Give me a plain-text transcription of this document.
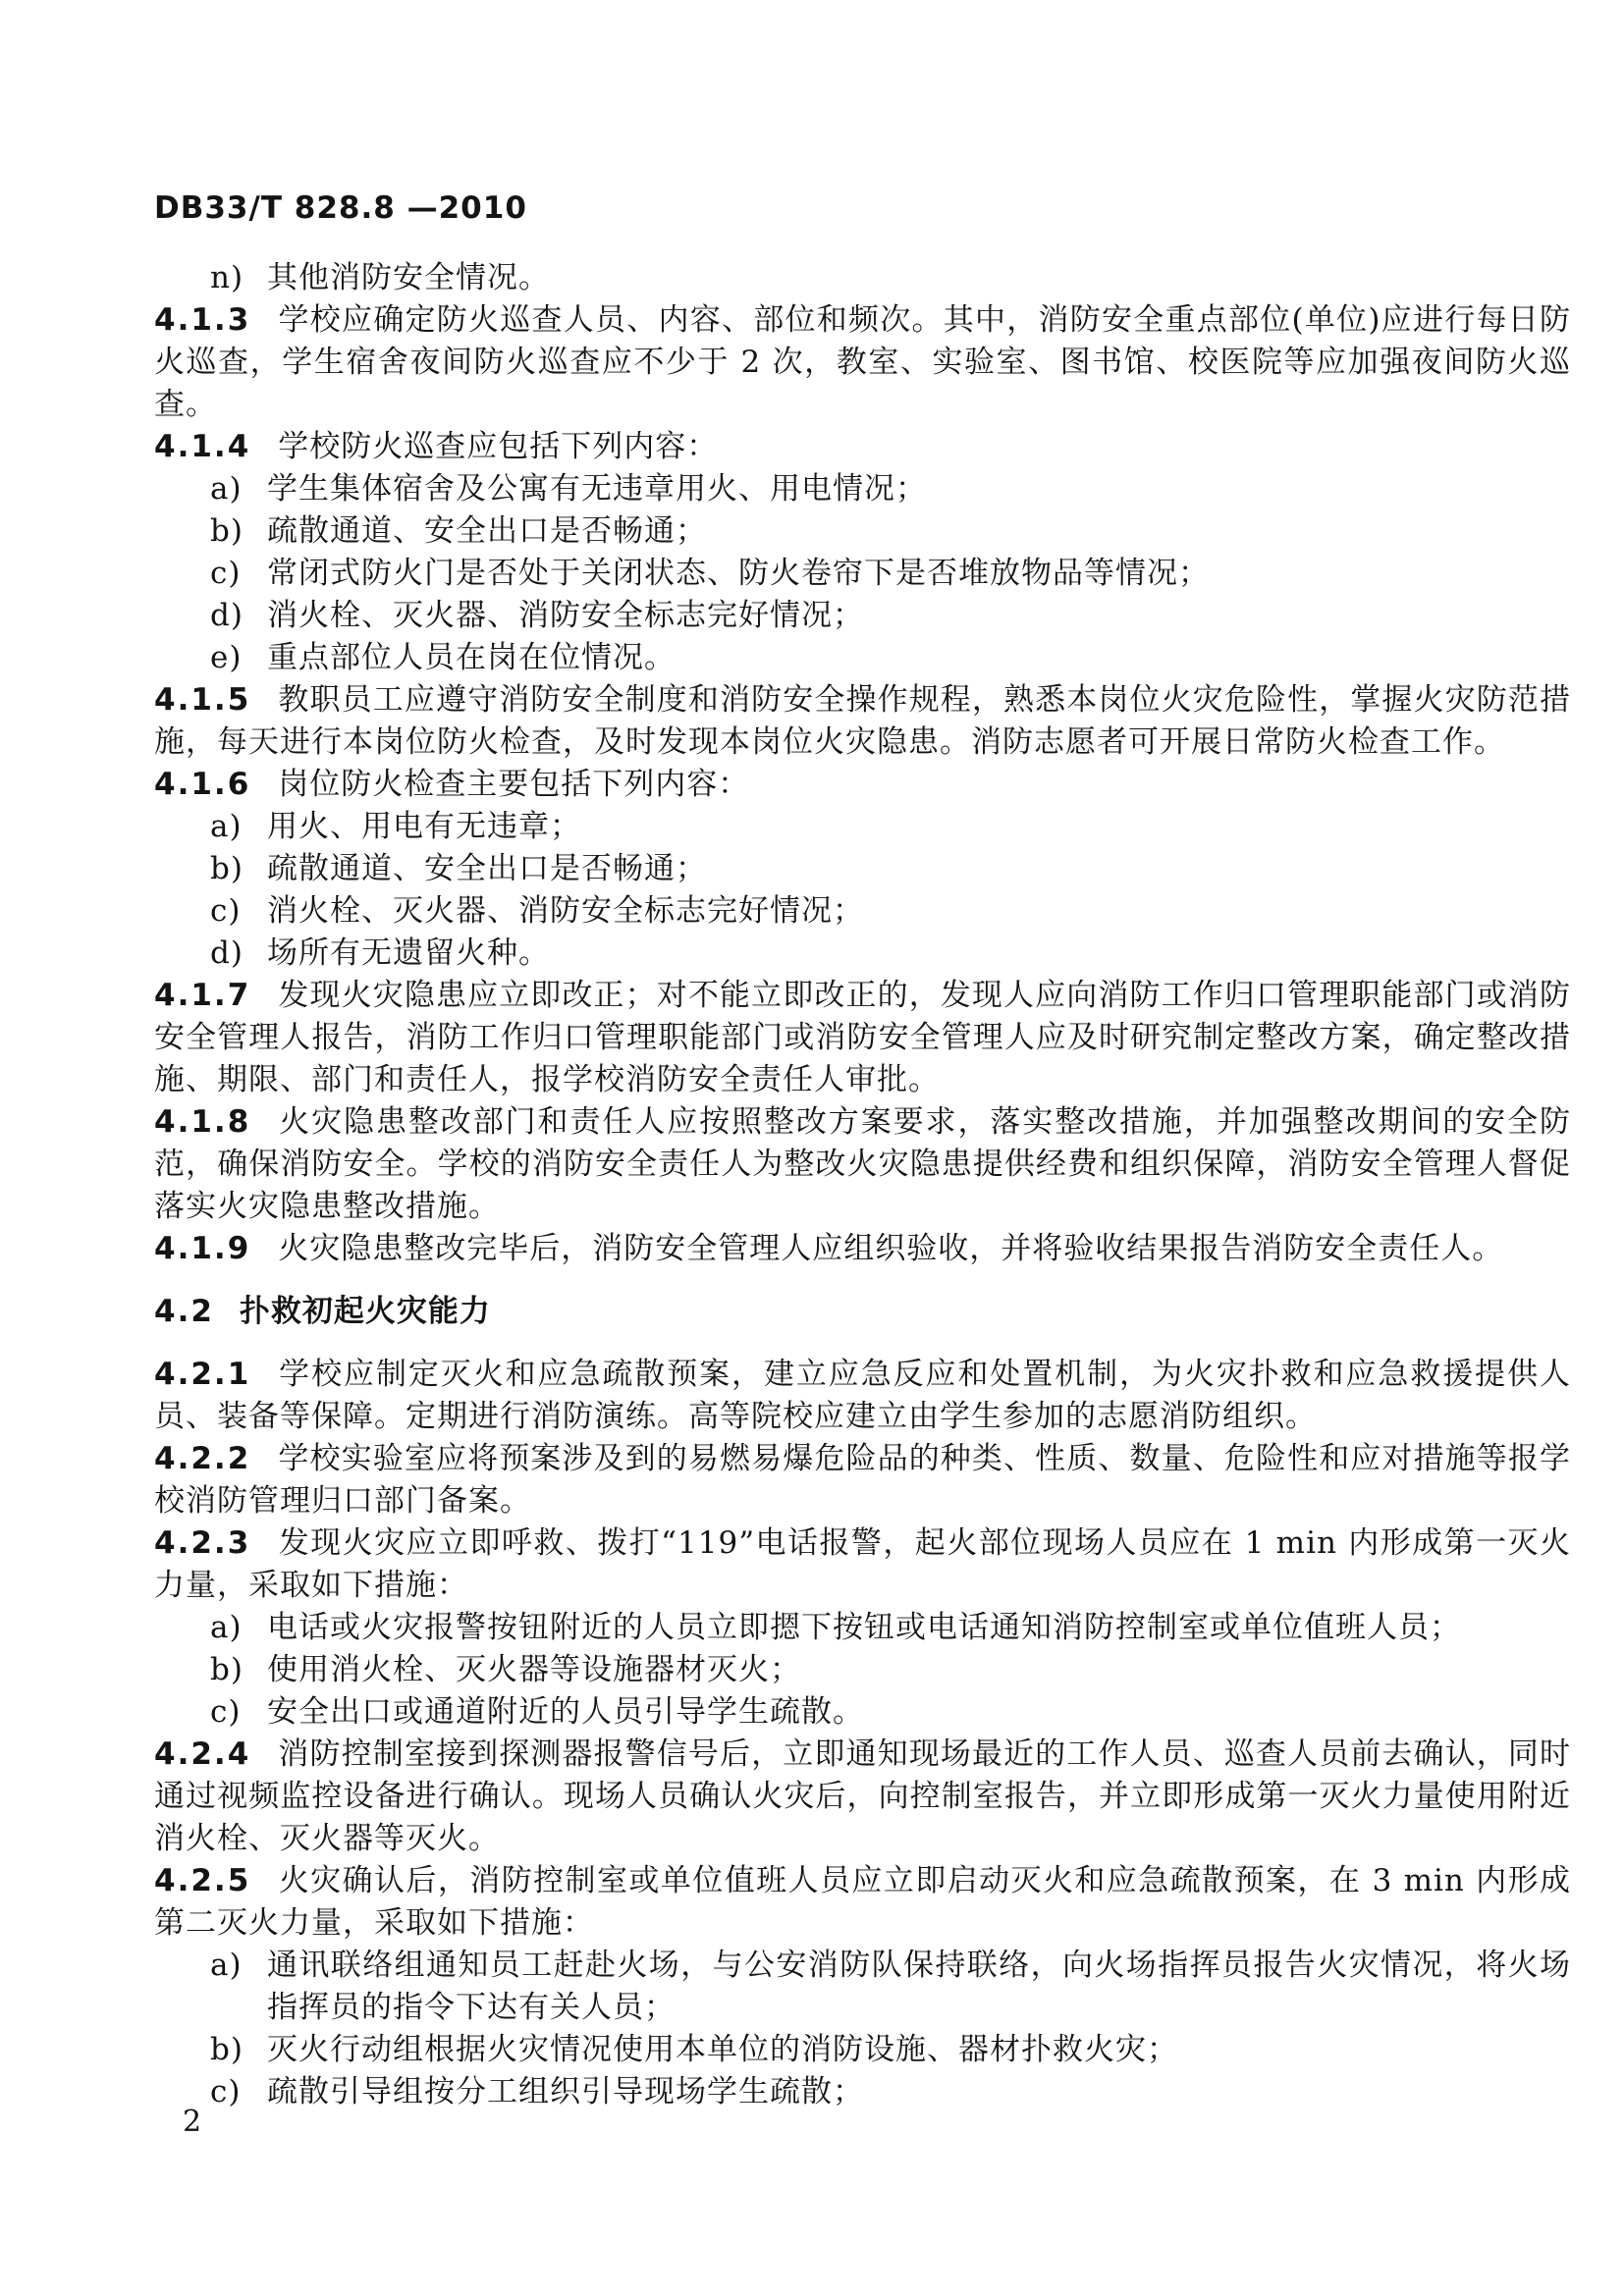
DB33/T 828.8 —2010

n) 其他消防安全情况。

4.1.3 学校应确定防火巡查人员、内容、部位和频次。其中，消防安全重点部位(单位)应进行每日防火巡查，学生宿舍夜间防火巡查应不少于 2 次，教室、实验室、图书馆、校医院等应加强夜间防火巡查。

4.1.4 学校防火巡查应包括下列内容：

a) 学生集体宿舍及公寓有无违章用火、用电情况；

b) 疏散通道、安全出口是否畅通；

c) 常闭式防火门是否处于关闭状态、防火卷帘下是否堆放物品等情况；

d) 消火栓、灭火器、消防安全标志完好情况；

e) 重点部位人员在岗在位情况。

4.1.5 教职员工应遵守消防安全制度和消防安全操作规程，熟悉本岗位火灾危险性，掌握火灾防范措施，每天进行本岗位防火检查，及时发现本岗位火灾隐患。消防志愿者可开展日常防火检查工作。

4.1.6 岗位防火检查主要包括下列内容：

a) 用火、用电有无违章；

b) 疏散通道、安全出口是否畅通；

c) 消火栓、灭火器、消防安全标志完好情况；

d) 场所有无遗留火种。

4.1.7 发现火灾隐患应立即改正；对不能立即改正的，发现人应向消防工作归口管理职能部门或消防安全管理人报告，消防工作归口管理职能部门或消防安全管理人应及时研究制定整改方案，确定整改措施、期限、部门和责任人，报学校消防安全责任人审批。

4.1.8 火灾隐患整改部门和责任人应按照整改方案要求，落实整改措施，并加强整改期间的安全防范，确保消防安全。学校的消防安全责任人为整改火灾隐患提供经费和组织保障，消防安全管理人督促落实火灾隐患整改措施。

4.1.9 火灾隐患整改完毕后，消防安全管理人应组织验收，并将验收结果报告消防安全责任人。

4.2 扑救初起火灾能力

4.2.1 学校应制定灭火和应急疏散预案，建立应急反应和处置机制，为火灾扑救和应急救援提供人员、装备等保障。定期进行消防演练。高等院校应建立由学生参加的志愿消防组织。

4.2.2 学校实验室应将预案涉及到的易燃易爆危险品的种类、性质、数量、危险性和应对措施等报学校消防管理归口部门备案。

4.2.3 发现火灾应立即呼救、拨打“119”电话报警，起火部位现场人员应在 1 min 内形成第一灭火力量，采取如下措施：

a) 电话或火灾报警按钮附近的人员立即摁下按钮或电话通知消防控制室或单位值班人员；

b) 使用消火栓、灭火器等设施器材灭火；

c) 安全出口或通道附近的人员引导学生疏散。

4.2.4 消防控制室接到探测器报警信号后，立即通知现场最近的工作人员、巡查人员前去确认，同时通过视频监控设备进行确认。现场人员确认火灾后，向控制室报告，并立即形成第一灭火力量使用附近消火栓、灭火器等灭火。

4.2.5 火灾确认后，消防控制室或单位值班人员应立即启动灭火和应急疏散预案，在 3 min 内形成第二灭火力量，采取如下措施：

a) 通讯联络组通知员工赶赴火场，与公安消防队保持联络，向火场指挥员报告火灾情况，将火场指挥员的指令下达有关人员；

b) 灭火行动组根据火灾情况使用本单位的消防设施、器材扑救火灾；

c) 疏散引导组按分工组织引导现场学生疏散；

2
